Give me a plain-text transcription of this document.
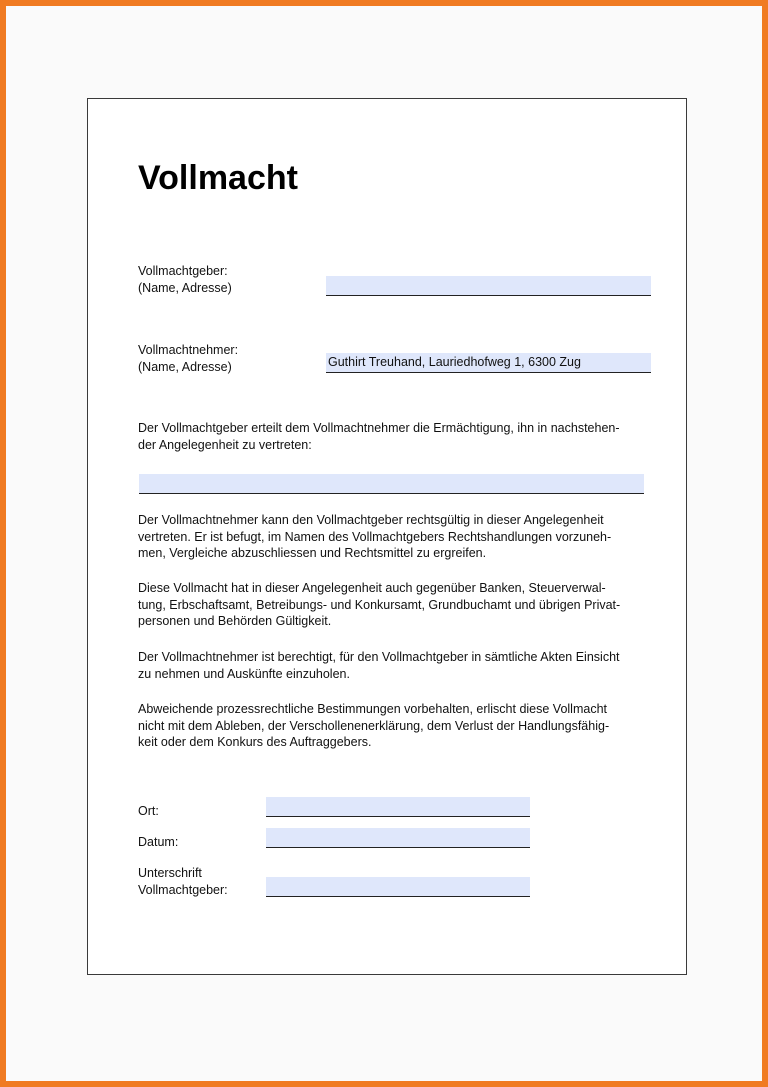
Vollmacht
Vollmachtgeber:
(Name, Adresse)
Vollmachtnehmer:
(Name, Adresse)	Guthirt Treuhand, Lauriedhofweg 1, 6300 Zug
Der Vollmachtgeber erteilt dem Vollmachtnehmer die Ermächtigung, ihn in nachstehen-
der Angelegenheit zu vertreten:
Der Vollmachtnehmer kann den Vollmachtgeber rechtsgültig in dieser Angelegenheit
vertreten. Er ist befugt, im Namen des Vollmachtgebers Rechtshandlungen vorzuneh-
men, Vergleiche abzuschliessen und Rechtsmittel zu ergreifen.
Diese Vollmacht hat in dieser Angelegenheit auch gegenüber Banken, Steuerverwal-
tung, Erbschaftsamt, Betreibungs- und Konkursamt, Grundbuchamt und übrigen Privat-
personen und Behörden Gültigkeit.
Der Vollmachtnehmer ist berechtigt, für den Vollmachtgeber in sämtliche Akten Einsicht
zu nehmen und Auskünfte einzuholen.
Abweichende prozessrechtliche Bestimmungen vorbehalten, erlischt diese Vollmacht
nicht mit dem Ableben, der Verschollenenerklärung, dem Verlust der Handlungsfähig-
keit oder dem Konkurs des Auftraggebers.
Ort:
Datum:
Unterschrift
Vollmachtgeber:
